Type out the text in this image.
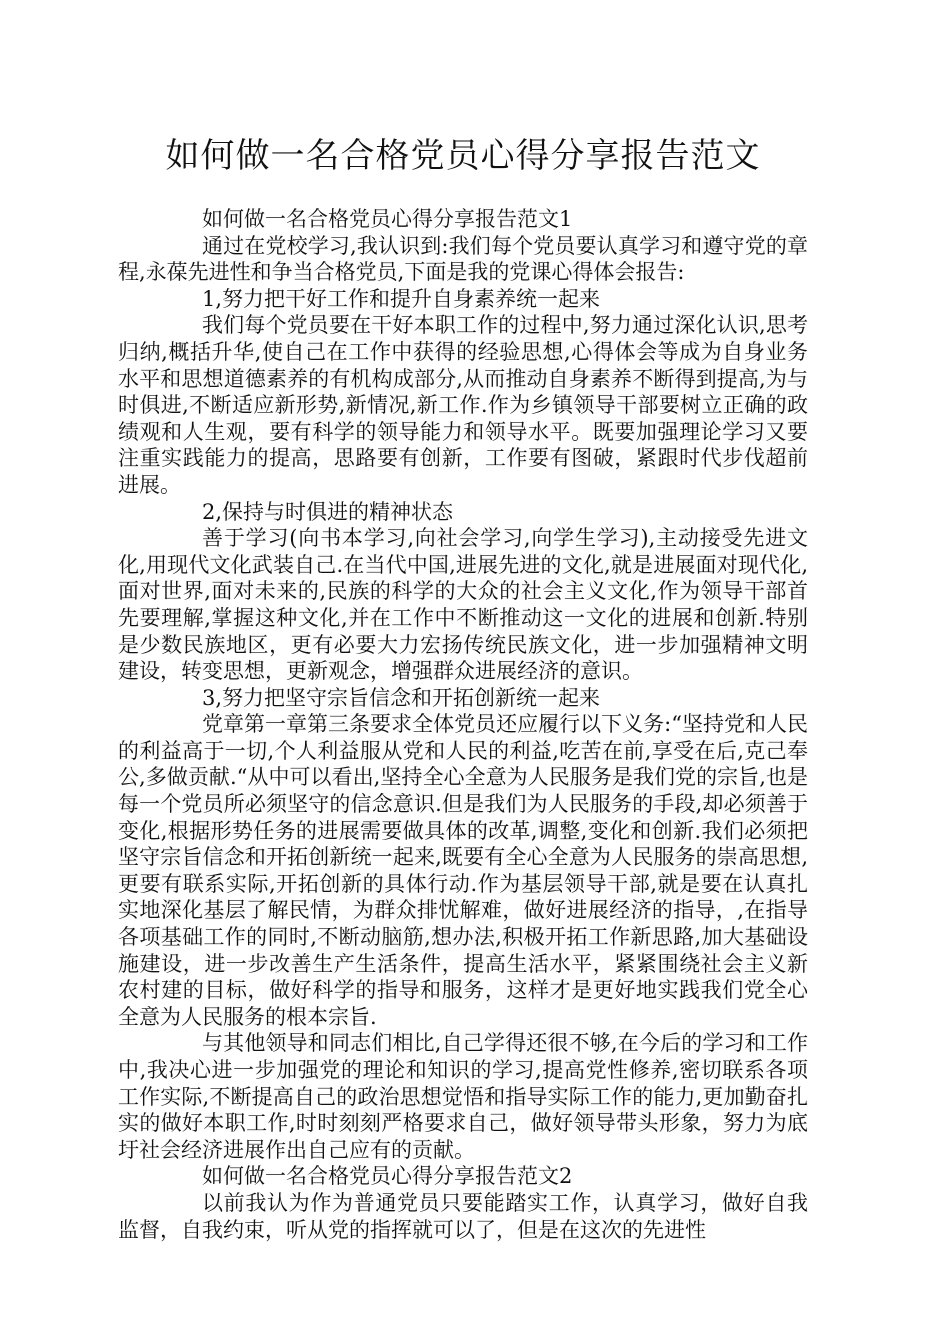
如何做一名合格党员心得分享报告范文

如何做一名合格党员心得分享报告范文1

通过在党校学习,我认识到:我们每个党员要认真学习和遵守党的章程,永葆先进性和争当合格党员,下面是我的党课心得体会报告:

1,努力把干好工作和提升自身素养统一起来

我们每个党员要在干好本职工作的过程中,努力通过深化认识,思考归纳,概括升华,使自己在工作中获得的经验思想,心得体会等成为自身业务水平和思想道德素养的有机构成部分,从而推动自身素养不断得到提高,为与时俱进,不断适应新形势,新情况,新工作.作为乡镇领导干部要树立正确的政绩观和人生观，要有科学的领导能力和领导水平。既要加强理论学习又要注重实践能力的提高，思路要有创新，工作要有图破，紧跟时代步伐超前进展。

2,保持与时俱进的精神状态

善于学习(向书本学习,向社会学习,向学生学习),主动接受先进文化,用现代文化武装自己.在当代中国,进展先进的文化,就是进展面对现代化,面对世界,面对未来的,民族的科学的大众的社会主义文化,作为领导干部首先要理解,掌握这种文化,并在工作中不断推动这一文化的进展和创新.特别是少数民族地区，更有必要大力宏扬传统民族文化，进一步加强精神文明建设，转变思想，更新观念，增强群众进展经济的意识。

3,努力把坚守宗旨信念和开拓创新统一起来

党章第一章第三条要求全体党员还应履行以下义务:“坚持党和人民的利益高于一切,个人利益服从党和人民的利益,吃苦在前,享受在后,克己奉公,多做贡献.“从中可以看出,坚持全心全意为人民服务是我们党的宗旨,也是每一个党员所必须坚守的信念意识.但是我们为人民服务的手段,却必须善于变化,根据形势任务的进展需要做具体的改革,调整,变化和创新.我们必须把坚守宗旨信念和开拓创新统一起来,既要有全心全意为人民服务的崇高思想,更要有联系实际,开拓创新的具体行动.作为基层领导干部,就是要在认真扎实地深化基层了解民情，为群众排忧解难，做好进展经济的指导，,在指导各项基础工作的同时,不断动脑筋,想办法,积极开拓工作新思路,加大基础设施建设，进一步改善生产生活条件，提高生活水平，紧紧围绕社会主义新农村建的目标，做好科学的指导和服务，这样才是更好地实践我们党全心全意为人民服务的根本宗旨.

与其他领导和同志们相比,自己学得还很不够,在今后的学习和工作中,我决心进一步加强党的理论和知识的学习,提高党性修养,密切联系各项工作实际,不断提高自己的政治思想觉悟和指导实际工作的能力,更加勤奋扎实的做好本职工作,时时刻刻严格要求自己，做好领导带头形象，努力为底圩社会经济进展作出自己应有的贡献。

如何做一名合格党员心得分享报告范文2

以前我认为作为普通党员只要能踏实工作，认真学习，做好自我监督，自我约束，听从党的指挥就可以了，但是在这次的先进性
